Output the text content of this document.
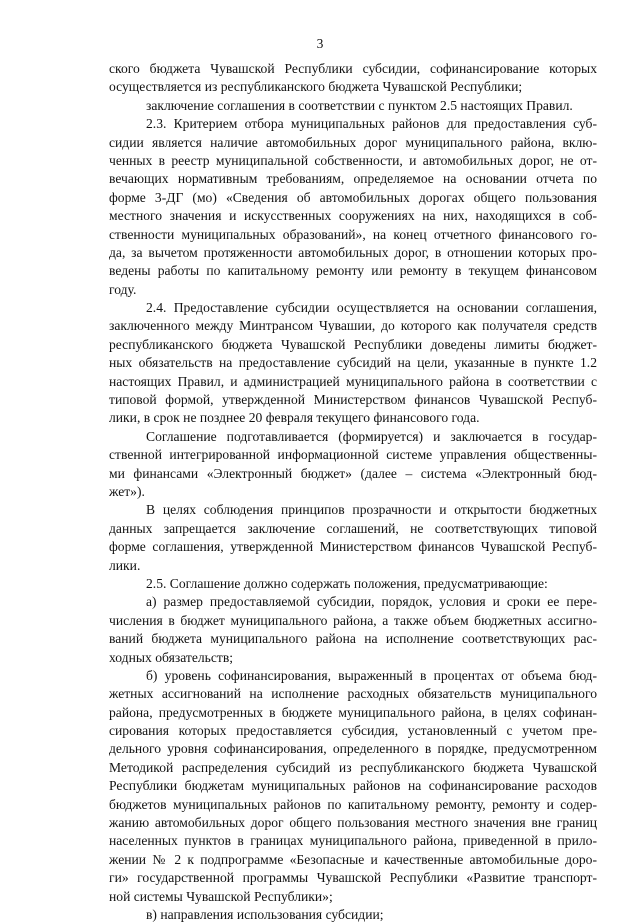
3
ского бюджета Чувашской Республики субсидии, софинансирование которых
осуществляется из республиканского бюджета Чувашской Республики;
заключение соглашения в соответствии с пунктом 2.5 настоящих Правил.
2.3. Критерием отбора муниципальных районов для предоставления суб-
сидии является наличие автомобильных дорог муниципального района, вклю-
ченных в реестр муниципальной собственности, и автомобильных дорог, не от-
вечающих нормативным требованиям, определяемое на основании отчета по
форме 3-ДГ (мо) «Сведения об автомобильных дорогах общего пользования
местного значения и искусственных сооружениях на них, находящихся в соб-
ственности муниципальных образований», на конец отчетного финансового го-
да, за вычетом протяженности автомобильных дорог, в отношении которых про-
ведены работы по капитальному ремонту или ремонту в текущем финансовом
году.
2.4. Предоставление субсидии осуществляется на основании соглашения,
заключенного между Минтрансом Чувашии, до которого как получателя средств
республиканского бюджета Чувашской Республики доведены лимиты бюджет-
ных обязательств на предоставление субсидий на цели, указанные в пункте 1.2
настоящих Правил, и администрацией муниципального района в соответствии с
типовой формой, утвержденной Министерством финансов Чувашской Респуб-
лики, в срок не позднее 20 февраля текущего финансового года.
Соглашение подготавливается (формируется) и заключается в государ-
ственной интегрированной информационной системе управления общественны-
ми финансами «Электронный бюджет» (далее – система «Электронный бюд-
жет»).
В целях соблюдения принципов прозрачности и открытости бюджетных
данных запрещается заключение соглашений, не соответствующих типовой
форме соглашения, утвержденной Министерством финансов Чувашской Респуб-
лики.
2.5. Соглашение должно содержать положения, предусматривающие:
а) размер предоставляемой субсидии, порядок, условия и сроки ее пере-
числения в бюджет муниципального района, а также объем бюджетных ассигно-
ваний бюджета муниципального района на исполнение соответствующих рас-
ходных обязательств;
б) уровень софинансирования, выраженный в процентах от объема бюд-
жетных ассигнований на исполнение расходных обязательств муниципального
района, предусмотренных в бюджете муниципального района, в целях софинан-
сирования которых предоставляется субсидия, установленный с учетом пре-
дельного уровня софинансирования, определенного в порядке, предусмотренном
Методикой распределения субсидий из республиканского бюджета Чувашской
Республики бюджетам муниципальных районов на софинансирование расходов
бюджетов муниципальных районов по капитальному ремонту, ремонту и содер-
жанию автомобильных дорог общего пользования местного значения вне границ
населенных пунктов в границах муниципального района, приведенной в прило-
жении № 2 к подпрограмме «Безопасные и качественные автомобильные доро-
ги» государственной программы Чувашской Республики «Развитие транспорт-
ной системы Чувашской Республики»;
в) направления использования субсидии;
